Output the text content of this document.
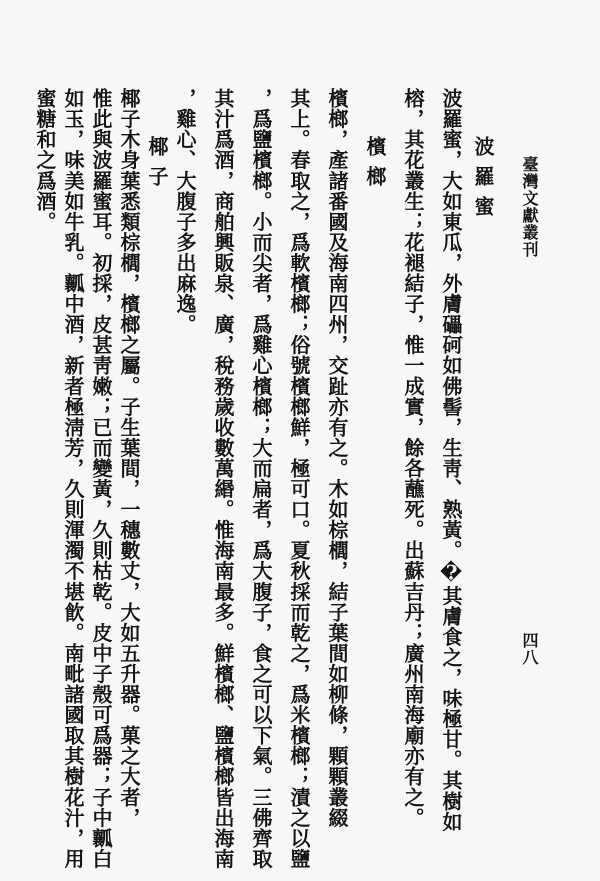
臺灣文獻叢刊
四八
波羅蜜
波羅蜜，大如東瓜，外膚礧砢如佛髻，生靑、熟黃。�其膚食之，味極甘。其樹如
榕，其花叢生；花褪結子，惟一成實，餘各蘸死。出蘇吉丹；廣州南海廟亦有之。
檳榔
檳榔，產諸番國及海南四州，交趾亦有之。木如棕櫚，結子葉間如柳條，顆顆叢綴
其上。春取之，爲軟檳榔；俗號檳榔鮮，極可口。夏秋採而乾之，爲米檳榔；漬之以鹽
，爲鹽檳榔。小而尖者，爲雞心檳榔；大而扁者，爲大腹子，食之可以下氣。三佛齊取
其汁爲酒，商舶興販泉、廣，稅務歲收數萬緡。惟海南最多。鮮檳榔、鹽檳榔皆出海南
，雞心、大腹子多出麻逸。
椰子
椰子木身葉悉類棕櫚，檳榔之屬。子生葉間，一穗數丈，大如五升器。菓之大者，
惟此與波羅蜜耳。初採，皮甚靑嫩；已而變黃，久則枯乾。皮中子殼可爲器；子中瓤白
如玉，味美如牛乳。瓤中酒，新者極淸芳，久則渾濁不堪飮。南毗諸國取其樹花汁，用
蜜糖和之爲酒。
